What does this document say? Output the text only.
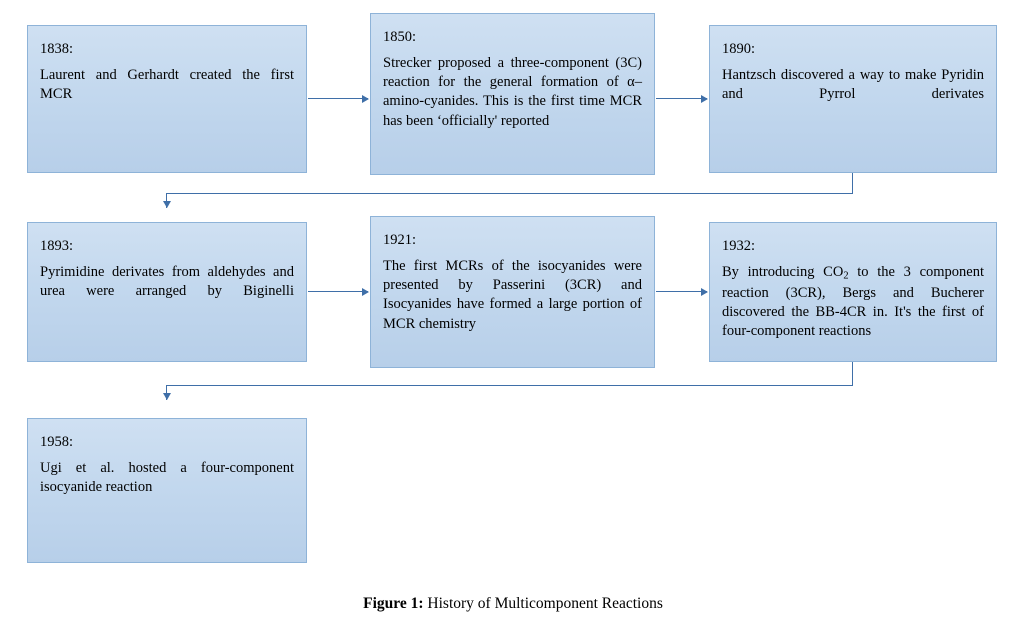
1838:
Laurent and Gerhardt created the first MCR
1850:
Strecker proposed a three-component (3C) reaction for the general formation of α–amino-cyanides. This is the first time MCR has been ‘officially' reported
1890:
Hantzsch discovered a way to make Pyridin and Pyrrol derivates
1893:
Pyrimidine derivates from aldehydes and urea were arranged by Biginelli
1921:
The first MCRs of the isocyanides were presented by Passerini (3CR) and Isocyanides have formed a large portion of MCR chemistry
1932:
By introducing $CO_2$ to the 3 component reaction (3CR), Bergs and Bucherer discovered the BB-4CR in. It's the first of four-component reactions
1958:
Ugi et al. hosted a four-component isocyanide reaction
Figure 1: History of Multicomponent Reactions
